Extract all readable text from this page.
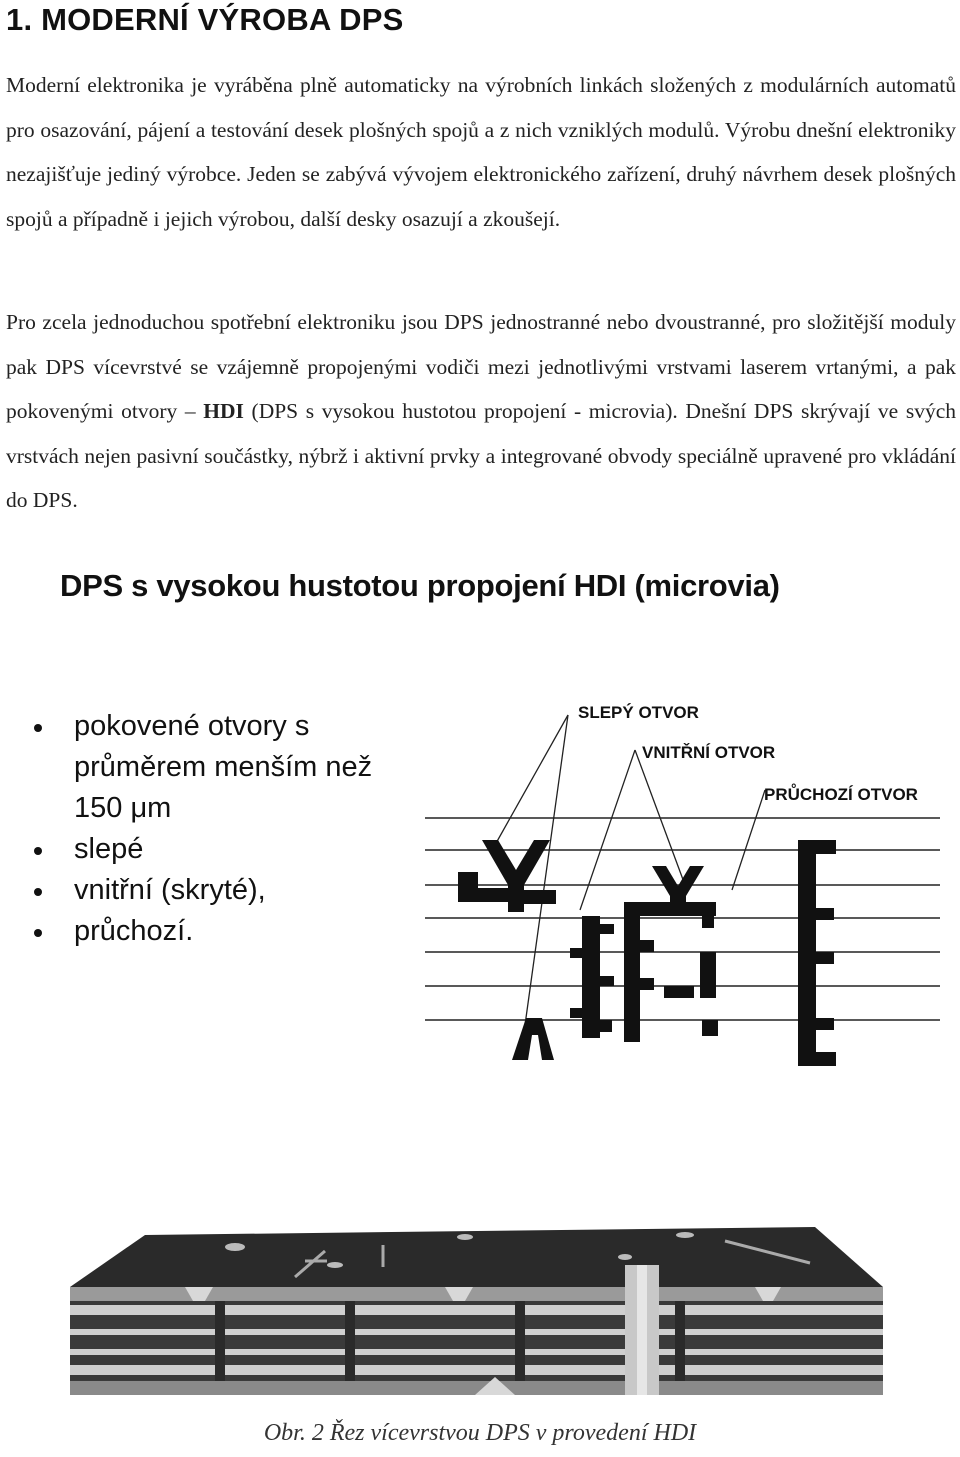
1. MODERNÍ VÝROBA DPS

Moderní elektronika je vyráběna plně automaticky na výrobních linkách složených z modulárních automatů pro osazování, pájení a testování desek plošných spojů a z nich vzniklých modulů. Výrobu dnešní elektroniky nezajišťuje jediný výrobce. Jeden se zabývá vývojem elektronického zařízení, druhý návrhem desek plošných spojů a případně i jejich výrobou, další desky osazují a zkoušejí.

Pro zcela jednoduchou spotřební elektroniku jsou DPS jednostranné nebo dvoustranné, pro složitější moduly pak DPS vícevrstvé se vzájemně propojenými vodiči mezi jednotlivými vrstvami laserem vrtanými, a pak pokovenými otvory – HDI (DPS s vysokou hustotou propojení - microvia). Dnešní DPS skrývají ve svých vrstvách nejen pasivní součástky, nýbrž i aktivní prvky a integrované obvody speciálně upravené pro vkládání do DPS.

DPS s vysokou hustotou propojení HDI (microvia)
pokovené otvory s průměrem menším než 150 μm
slepé
vnitřní (skryté),
průchozí.
SLEPÝ OTVOR
VNITŘNÍ OTVOR
PRŮCHOZÍ OTVOR

Obr. 2 Řez vícevrstvou DPS v provedení HDI
